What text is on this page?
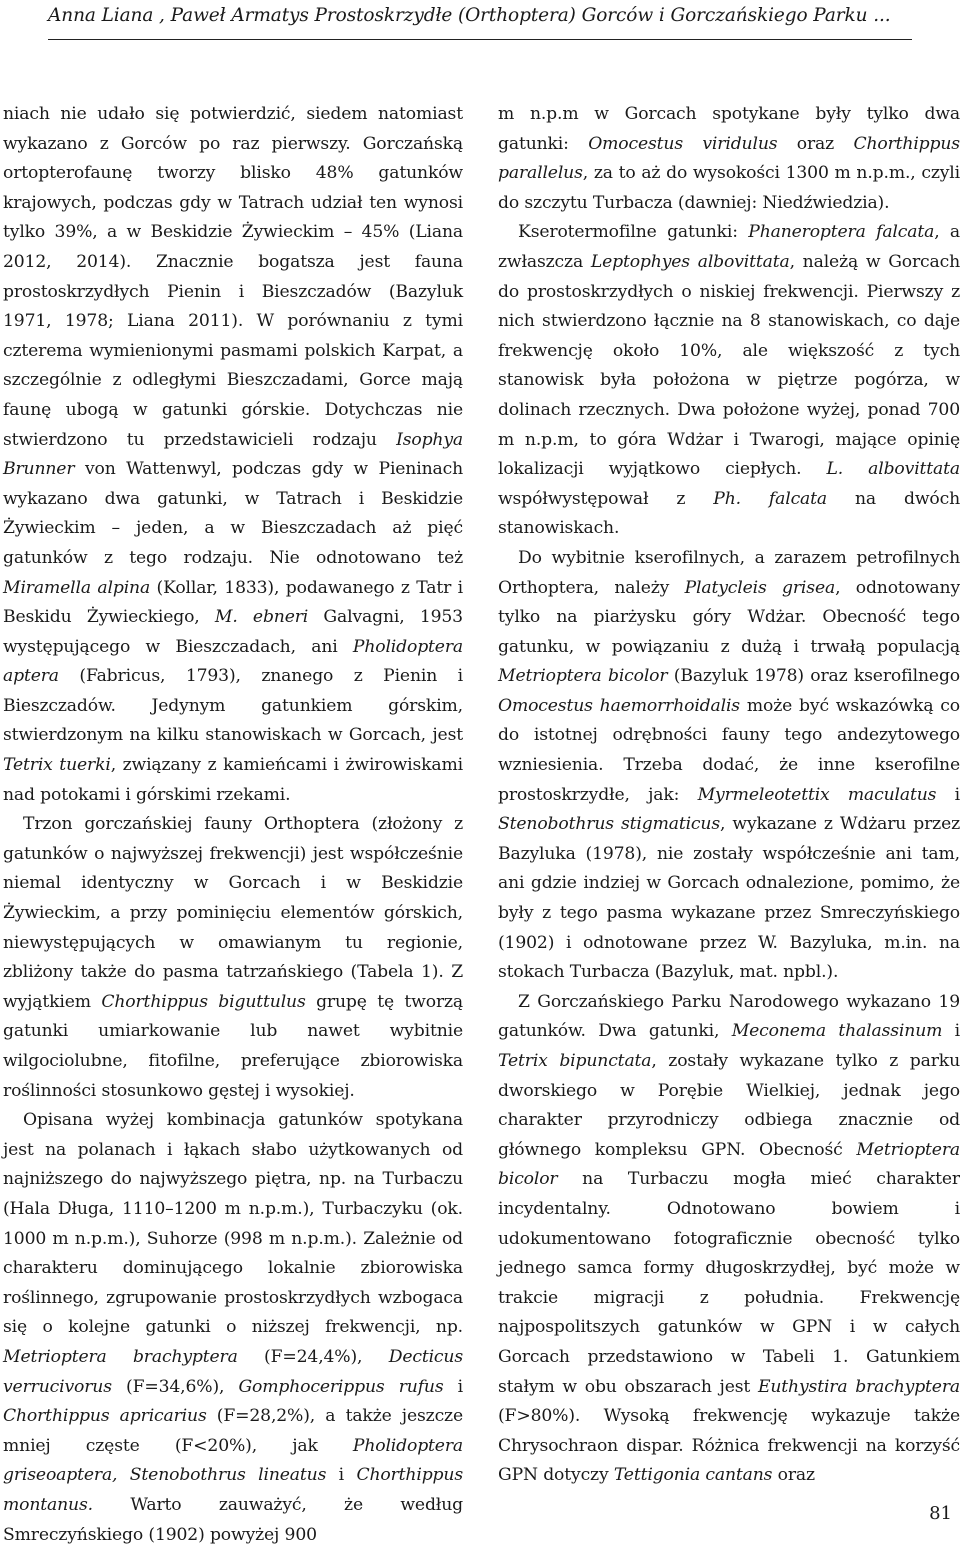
Anna Liana , Paweł Armatys Prostoskrzydłe (Orthoptera) Gorców i Gorczańskiego Parku ...

niach nie udało się potwierdzić, siedem natomiast wykazano z Gorców po raz pierwszy. Gorczańską ortopterofaunę tworzy blisko 48% gatunków krajowych, podczas gdy w Tatrach udział ten wynosi tylko 39%, a w Beskidzie Żywieckim – 45% (Liana 2012, 2014). Znacznie bogatsza jest fauna prostoskrzydłych Pienin i Bieszczadów (Bazyluk 1971, 1978; Liana 2011). W porównaniu z tymi czterema wymienionymi pasmami polskich Karpat, a szczególnie z odległymi Bieszczadami, Gorce mają faunę ubogą w gatunki górskie. Dotychczas nie stwierdzono tu przedstawicieli rodzaju Isophya Brunner von Wattenwyl, podczas gdy w Pieninach wykazano dwa gatunki, w Tatrach i Beskidzie Żywieckim – jeden, a w Bieszczadach aż pięć gatunków z tego rodzaju. Nie odnotowano też Miramella alpina (Kollar, 1833), podawanego z Tatr i Beskidu Żywieckiego, M. ebneri Galvagni, 1953 występującego w Bieszczadach, ani Pholidoptera aptera (Fabricus, 1793), znanego z Pienin i Bieszczadów. Jedynym gatunkiem górskim, stwierdzonym na kilku stanowiskach w Gorcach, jest Tetrix tuerki, związany z kamieńcami i żwirowiskami nad potokami i górskimi rzekami.

Trzon gorczańskiej fauny Orthoptera (złożony z gatunków o najwyższej frekwencji) jest współcześnie niemal identyczny w Gorcach i w Beskidzie Żywieckim, a przy pominięciu elementów górskich, niewystępujących w omawianym tu regionie, zbliżony także do pasma tatrzańskiego (Tabela 1). Z wyjątkiem Chorthippus biguttulus grupę tę tworzą gatunki umiarkowanie lub nawet wybitnie wilgociolubne, fitofilne, preferujące zbiorowiska roślinności stosunkowo gęstej i wysokiej.

Opisana wyżej kombinacja gatunków spotykana jest na polanach i łąkach słabo użytkowanych od najniższego do najwyższego piętra, np. na Turbaczu (Hala Długa, 1110–1200 m n.p.m.), Turbaczyku (ok. 1000 m n.p.m.), Suhorze (998 m n.p.m.). Zależnie od charakteru dominującego lokalnie zbiorowiska roślinnego, zgrupowanie prostoskrzydłych wzbogaca się o kolejne gatunki o niższej frekwencji, np. Metrioptera brachyptera (F=24,4%), Decticus verrucivorus (F=34,6%), Gomphocerippus rufus i Chorthippus apricarius (F=28,2%), a także jeszcze mniej częste (F<20%), jak Pholidoptera griseoaptera, Stenobothrus lineatus i Chorthippus montanus. Warto zauważyć, że według Smreczyńskiego (1902) powyżej 900

m n.p.m w Gorcach spotykane były tylko dwa gatunki: Omocestus viridulus oraz Chorthippus parallelus, za to aż do wysokości 1300 m n.p.m., czyli do szczytu Turbacza (dawniej: Niedźwiedzia).

Kserotermofilne gatunki: Phaneroptera falcata, a zwłaszcza Leptophyes albovittata, należą w Gorcach do prostoskrzydłych o niskiej frekwencji. Pierwszy z nich stwierdzono łącznie na 8 stanowiskach, co daje frekwencję około 10%, ale większość z tych stanowisk była położona w piętrze pogórza, w dolinach rzecznych. Dwa położone wyżej, ponad 700 m n.p.m, to góra Wdżar i Twarogi, mające opinię lokalizacji wyjątkowo ciepłych. L. albovittata współwystępował z Ph. falcata na dwóch stanowiskach.

Do wybitnie kserofilnych, a zarazem petrofilnych Orthoptera, należy Platycleis grisea, odnotowany tylko na piarżysku góry Wdżar. Obecność tego gatunku, w powiązaniu z dużą i trwałą populacją Metrioptera bicolor (Bazyluk 1978) oraz kserofilnego Omocestus haemorrhoidalis może być wskazówką co do istotnej odrębności fauny tego andezytowego wzniesienia. Trzeba dodać, że inne kserofilne prostoskrzydłe, jak: Myrmeleotettix maculatus i Stenobothrus stigmaticus, wykazane z Wdżaru przez Bazyluka (1978), nie zostały współcześnie ani tam, ani gdzie indziej w Gorcach odnalezione, pomimo, że były z tego pasma wykazane przez Smreczyńskiego (1902) i odnotowane przez W. Bazyluka, m.in. na stokach Turbacza (Bazyluk, mat. npbl.).

Z Gorczańskiego Parku Narodowego wykazano 19 gatunków. Dwa gatunki, Meconema thalassinum i Tetrix bipunctata, zostały wykazane tylko z parku dworskiego w Porębie Wielkiej, jednak jego charakter przyrodniczy odbiega znacznie od głównego kompleksu GPN. Obecność Metrioptera bicolor na Turbaczu mogła mieć charakter incydentalny. Odnotowano bowiem i udokumentowano fotograficznie obecność tylko jednego samca formy długoskrzydłej, być może w trakcie migracji z południa. Frekwencję najpospolitszych gatunków w GPN i w całych Gorcach przedstawiono w Tabeli 1. Gatunkiem stałym w obu obszarach jest Euthystira brachyptera (F>80%). Wysoką frekwencję wykazuje także Chrysochraon dispar. Różnica frekwencji na korzyść GPN dotyczy Tettigonia cantans oraz

81
